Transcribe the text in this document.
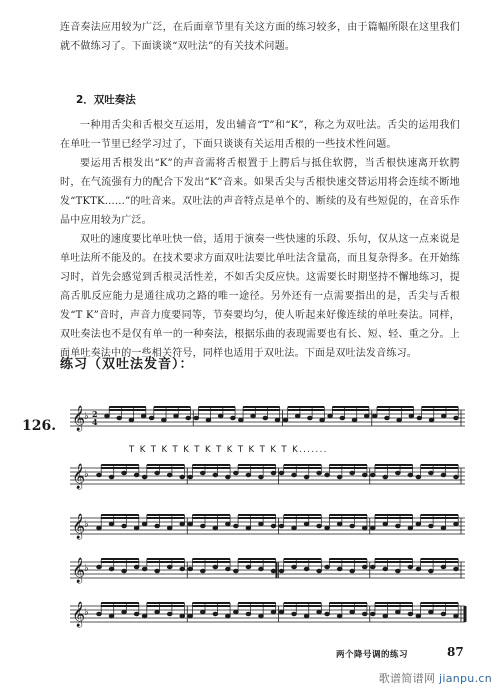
连音奏法应用较为广泛，在后面章节里有关这方面的练习较多，由于篇幅所限在这里我们就不做练习了。下面谈谈“双吐法”的有关技术问题。

2．双吐奏法

一种用舌尖和舌根交互运用，发出辅音“T”和“K”，称之为双吐法。舌尖的运用我们在单吐一节里已经学习过了，下面只谈谈有关运用舌根的一些技术性问题。

要运用舌根发出“K”的声音需将舌根置于上腭后与抵住软腭，当舌根快速离开软腭时，在气流强有力的配合下发出“K”音来。如果舌尖与舌根快速交替运用将会连续不断地发“TKTK……”的吐音来。双吐法的声音特点是单个的、断续的及有些短促的，在音乐作品中应用较为广泛。

双吐的速度要比单吐快一倍，适用于演奏一些快速的乐段、乐句，仅从这一点来说是单吐法所不能及的。在技术要求方面双吐法要比单吐法含量高，而且复杂得多。在开始练习时，首先会感觉到舌根灵活性差，不如舌尖反应快。这需要长时期坚持不懈地练习，提高舌肌反应能力是通往成功之路的唯一途径。另外还有一点需要指出的是，舌尖与舌根发“T K”音时，声音力度要同等，节奏要均匀，使人听起来好像连续的单吐奏法。同样，双吐奏法也不是仅有单一的一种奏法，根据乐曲的表现需要也有长、短、轻、重之分。上面单吐奏法中的一些相关符号，同样也适用于双吐法。下面是双吐法发音练习。

练习（双吐法发音）：
126.
T K T K T K T K T K T K T K T K.......
𝄞
♭ 2
4
𝄞
♭
𝄞
♭
𝄞
♭
𝄞
♭
两个降号调的练习	87
歌谱简谱网 jianpu.cn
